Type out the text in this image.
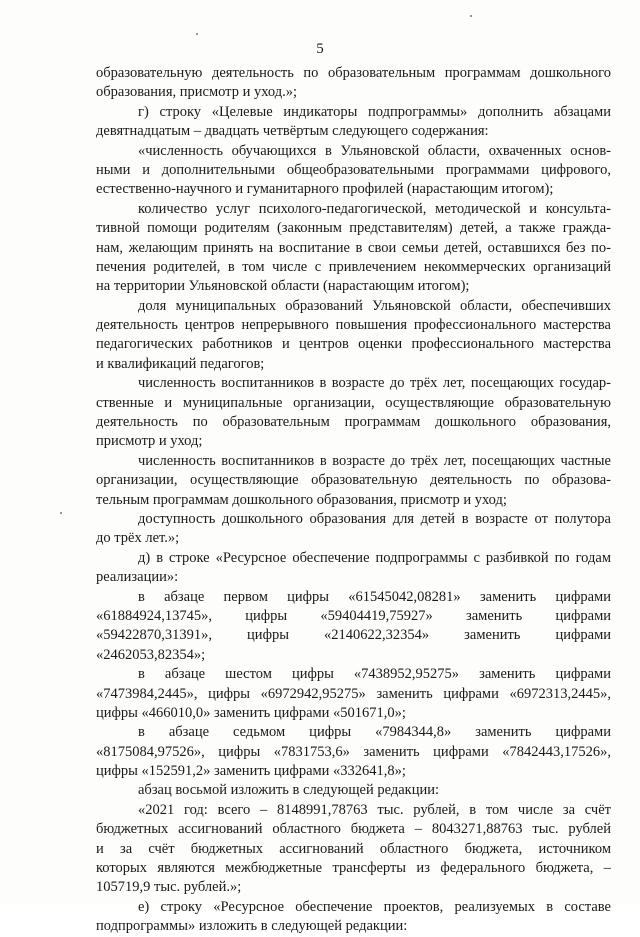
5
образовательную деятельность по образовательным программам дошкольного
образования, присмотр и уход.»;
г) строку «Целевые индикаторы подпрограммы» дополнить абзацами
девятнадцатым – двадцать четвёртым следующего содержания:
«численность обучающихся в Ульяновской области, охваченных основ-
ными и дополнительными общеобразовательными программами цифрового,
естественно-научного и гуманитарного профилей (нарастающим итогом);
количество услуг психолого-педагогической, методической и консульта-
тивной помощи родителям (законным представителям) детей, а также гражда-
нам, желающим принять на воспитание в свои семьи детей, оставшихся без по-
печения родителей, в том числе с привлечением некоммерческих организаций
на территории Ульяновской области (нарастающим итогом);
доля муниципальных образований Ульяновской области, обеспечивших
деятельность центров непрерывного повышения профессионального мастерства
педагогических работников и центров оценки профессионального мастерства
и квалификаций педагогов;
численность воспитанников в возрасте до трёх лет, посещающих государ-
ственные и муниципальные организации, осуществляющие образовательную
деятельность по образовательным программам дошкольного образования,
присмотр и уход;
численность воспитанников в возрасте до трёх лет, посещающих частные
организации, осуществляющие образовательную деятельность по образова-
тельным программам дошкольного образования, присмотр и уход;
доступность дошкольного образования для детей в возрасте от полутора
до трёх лет.»;
д) в строке «Ресурсное обеспечение подпрограммы с разбивкой по годам
реализации»:
в абзаце первом цифры «61545042,08281» заменить цифрами
«61884924,13745», цифры «59404419,75927» заменить цифрами
«59422870,31391», цифры «2140622,32354» заменить цифрами
«2462053,82354»;
в абзаце шестом цифры «7438952,95275» заменить цифрами
«7473984,2445», цифры «6972942,95275» заменить цифрами «6972313,2445»,
цифры «466010,0» заменить цифрами «501671,0»;
в абзаце седьмом цифры «7984344,8» заменить цифрами
«8175084,97526», цифры «7831753,6» заменить цифрами «7842443,17526»,
цифры «152591,2» заменить цифрами «332641,8»;
абзац восьмой изложить в следующей редакции:
«2021 год: всего – 8148991,78763 тыс. рублей, в том числе за счёт
бюджетных ассигнований областного бюджета – 8043271,88763 тыс. рублей
и за счёт бюджетных ассигнований областного бюджета, источником
которых являются межбюджетные трансферты из федерального бюджета, –
105719,9 тыс. рублей.»;
е) строку «Ресурсное обеспечение проектов, реализуемых в составе
подпрограммы» изложить в следующей редакции:
